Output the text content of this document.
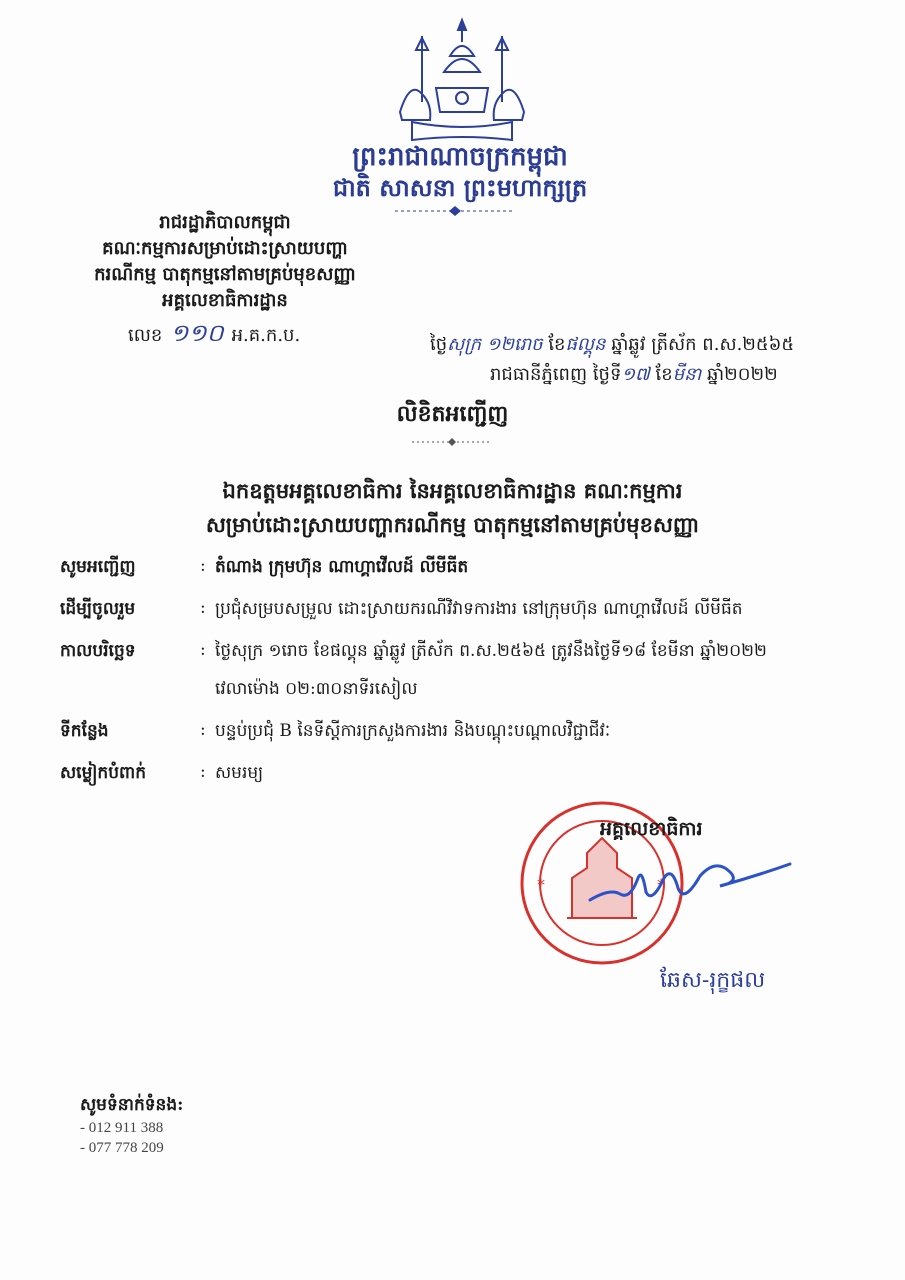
ព្រះរាជាណាចក្រកម្ពុជា
ជាតិ សាសនា ព្រះមហាក្សត្រ
រាជរដ្ឋាភិបាលកម្ពុជា
គណៈកម្មការសម្រាប់ដោះស្រាយបញ្ហា
ករណីកម្ម បាតុកម្មនៅតាមគ្រប់មុខសញ្ញា
អគ្គលេខាធិការដ្ឋាន
លេខ ១១០ អ.គ.ក.ប.	ថ្ងៃសុក្រ ១២រោច ខែផល្គុន ឆ្នាំឆ្លូវ ត្រីស័ក ព.ស.២៥៦៥
រាជធានីភ្នំពេញ ថ្ងៃទី១៧ ខែមីនា ឆ្នាំ២០២២
លិខិតអញ្ជើញ
ឯកឧត្តមអគ្គលេខាធិការ នៃអគ្គលេខាធិការដ្ឋាន គណៈកម្មការ
សម្រាប់ដោះស្រាយបញ្ហាករណីកម្ម បាតុកម្មនៅតាមគ្រប់មុខសញ្ញា
សូមអញ្ជើញ	: តំណាង ក្រុមហ៊ុន ណាហ្គាវើលដ៍ លីមីធីត
ដើម្បីចូលរួម	: ប្រជុំសម្របសម្រួល ដោះស្រាយករណីវិវាទការងារ នៅក្រុមហ៊ុន ណាហ្គាវើលដ៍ លីមីធីត
កាលបរិច្ឆេទ	: ថ្ងៃសុក្រ ១រោច ខែផល្គុន ឆ្នាំឆ្លូវ ត្រីស័ក ព.ស.២៥៦៥ ត្រូវនឹងថ្ងៃទី១៨ ខែមីនា ឆ្នាំ២០២២
វេលាម៉ោង ០២:៣០នាទីរសៀល
ទីកន្លែង	: បន្ទប់ប្រជុំ B នៃទីស្តីការក្រសួងការងារ និងបណ្តុះបណ្តាលវិជ្ជាជីវៈ
សម្លៀកបំពាក់	: សមរម្យ
*	*
អគ្គលេខាធិការ
ឆែស-រុក្ខផល
សូមទំនាក់ទំនង:
- 012 911 388
- 077 778 209
